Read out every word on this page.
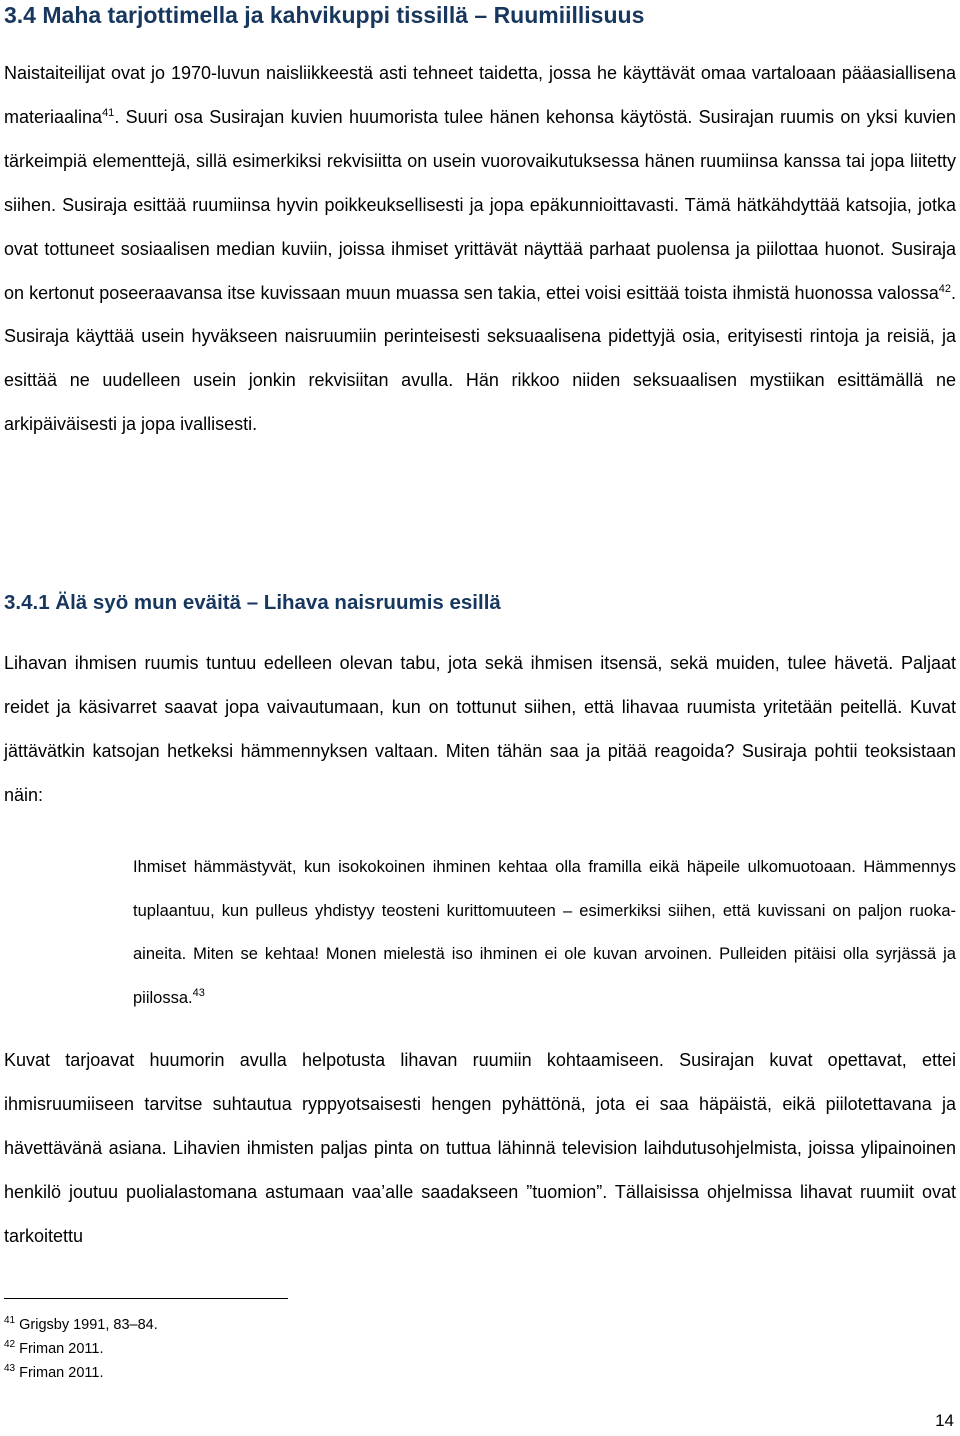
3.4 Maha tarjottimella ja kahvikuppi tissillä – Ruumiillisuus

Naistaiteilijat ovat jo 1970-luvun naisliikkeestä asti tehneet taidetta, jossa he käyttävät omaa vartaloaan pääasiallisena materiaalina$^{41}$. Suuri osa Susirajan kuvien huumorista tulee hänen kehonsa käytöstä. Susirajan ruumis on yksi kuvien tärkeimpiä elementtejä, sillä esimerkiksi rekvisiitta on usein vuorovaikutuksessa hänen ruumiinsa kanssa tai jopa liitetty siihen. Susiraja esittää ruumiinsa hyvin poikkeuksellisesti ja jopa epäkunnioittavasti. Tämä hätkähdyttää katsojia, jotka ovat tottuneet sosiaalisen median kuviin, joissa ihmiset yrittävät näyttää parhaat puolensa ja piilottaa huonot. Susiraja on kertonut poseeraavansa itse kuvissaan muun muassa sen takia, ettei voisi esittää toista ihmistä huonossa valossa$^{42}$. Susiraja käyttää usein hyväkseen naisruumiin perinteisesti seksuaalisena pidettyjä osia, erityisesti rintoja ja reisiä, ja esittää ne uudelleen usein jonkin rekvisiitan avulla. Hän rikkoo niiden seksuaalisen mystiikan esittämällä ne arkipäiväisesti ja jopa ivallisesti.

3.4.1 Älä syö mun eväitä – Lihava naisruumis esillä

Lihavan ihmisen ruumis tuntuu edelleen olevan tabu, jota sekä ihmisen itsensä, sekä muiden, tulee hävetä. Paljaat reidet ja käsivarret saavat jopa vaivautumaan, kun on tottunut siihen, että lihavaa ruumista yritetään peitellä. Kuvat jättävätkin katsojan hetkeksi hämmennyksen valtaan. Miten tähän saa ja pitää reagoida? Susiraja pohtii teoksistaan näin:

Ihmiset hämmästyvät, kun isokokoinen ihminen kehtaa olla framilla eikä häpeile ulkomuotoaan. Hämmennys tuplaantuu, kun pulleus yhdistyy teosteni kurittomuuteen – esimerkiksi siihen, että kuvissani on paljon ruoka-aineita. Miten se kehtaa! Monen mielestä iso ihminen ei ole kuvan arvoinen. Pulleiden pitäisi olla syrjässä ja piilossa.$^{43}$

Kuvat tarjoavat huumorin avulla helpotusta lihavan ruumiin kohtaamiseen. Susirajan kuvat opettavat, ettei ihmisruumiiseen tarvitse suhtautua ryppyotsaisesti hengen pyhättönä, jota ei saa häpäistä, eikä piilotettavana ja hävettävänä asiana. Lihavien ihmisten paljas pinta on tuttua lähinnä television laihdutusohjelmista, joissa ylipainoinen henkilö joutuu puolialastomana astumaan vaa’alle saadakseen ”tuomion”. Tällaisissa ohjelmissa lihavat ruumiit ovat tarkoitettu

$^{41}$ Grigsby 1991, 83–84.
$^{42}$ Friman 2011.
$^{43}$ Friman 2011.
14
